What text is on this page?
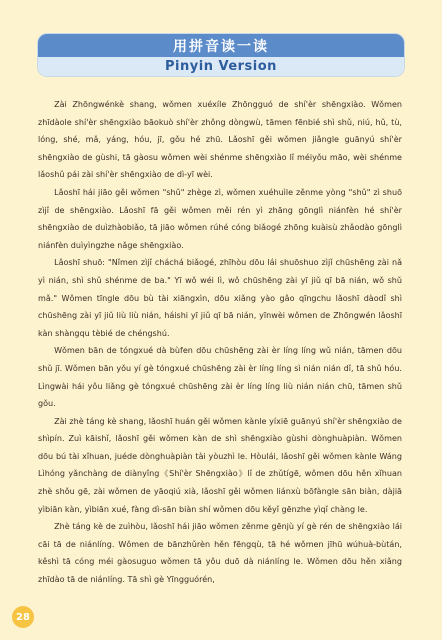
用拼音读一读
Pinyin Version

Zài Zhōngwénkè shang, wǒmen xuéxíle Zhōngguó de shí'èr shēngxiào. Wǒmen zhīdàole shí'èr shēngxiào bāokuò shí'èr zhǒng dòngwù, tāmen fēnbié shì shǔ, niú, hǔ, tù, lóng, shé, mǎ, yáng, hóu, jī, gǒu hé zhū. Lǎoshī gěi wǒmen jiǎngle guānyú shí'èr shēngxiào de gùshi, tā gàosu wǒmen wèi shénme shēngxiào lǐ méiyǒu māo, wèi shénme lǎoshǔ pái zài shí'èr shēngxiào de dì-yī wèi.

Lǎoshī hái jiāo gěi wǒmen "shǔ" zhège zì, wǒmen xuéhuìle zěnme yòng "shǔ" zì shuō zìjǐ de shēngxiào. Lǎoshī fā gěi wǒmen měi rén yì zhāng gōnglì niánfèn hé shí'èr shēngxiào de duìzhàobiǎo, tā jiāo wǒmen rúhé cóng biǎogé zhōng kuàisù zhǎodào gōnglì niánfèn duìyìngzhe nǎge shēngxiào.

Lǎoshī shuō: "Nǐmen zìjǐ cháchá biǎogé, zhīhòu dōu lái shuōshuo zìjǐ chūshēng zài nǎ yì nián, shì shǔ shénme de ba." Yī wǒ wéi lì, wǒ chūshēng zài yī jiǔ qī bā nián, wǒ shǔ mǎ." Wǒmen tīngle dōu bù tài xiāngxìn, dōu xiǎng yào gǎo qīngchu lǎoshī dàodǐ shì chūshēng zài yī jiǔ liù liù nián, háishi yī jiǔ qī bā nián, yīnwèi wǒmen de Zhōngwén lǎoshī kàn shàngqu tèbié de chéngshú.

Wǒmen bān de tóngxué dà bùfen dōu chūshēng zài èr líng líng wǔ nián, tāmen dōu shǔ jī. Wǒmen bān yǒu yí gè tóngxué chūshēng zài èr líng líng sì nián nián dǐ, tā shǔ hóu. Lìngwài hái yǒu liǎng gè tóngxué chūshēng zài èr líng líng liù nián nián chū, tāmen shǔ gǒu.

Zài zhè táng kè shang, lǎoshī huán gěi wǒmen kànle yíxiē guānyú shí'èr shēngxiào de shìpín. Zuì kāishǐ, lǎoshī gěi wǒmen kàn de shì shēngxiào gùshi dònghuàpiàn. Wǒmen dōu bú tài xǐhuan, juéde dònghuàpiàn tài yòuzhì le. Hòulái, lǎoshī gěi wǒmen kànle Wáng Lìhóng yǎnchàng de diànyǐng《Shí'èr Shēngxiào》lǐ de zhǔtígē, wǒmen dōu hěn xǐhuan zhè shǒu gē, zài wǒmen de yāoqiú xià, lǎoshī gěi wǒmen liánxù bōfàngle sān biàn, dàjiā yìbiān kàn, yìbiān xué, fàng dì-sān biàn shí wǒmen dōu kěyǐ gēnzhe yìqǐ chàng le.

Zhè táng kè de zuìhòu, lǎoshī hái jiāo wǒmen zěnme gēnjù yí gè rén de shēngxiào lái cāi tā de niánlíng. Wǒmen de bānzhǔrèn hěn fēngqù, tā hé wǒmen jīhū wúhuà-bùtán, kěshì tā cóng méi gàosuguo wǒmen tā yǒu duō dà niánlíng le. Wǒmen dōu hěn xiǎng zhīdào tā de niánlíng. Tā shì gè Yīngguórén,

28
